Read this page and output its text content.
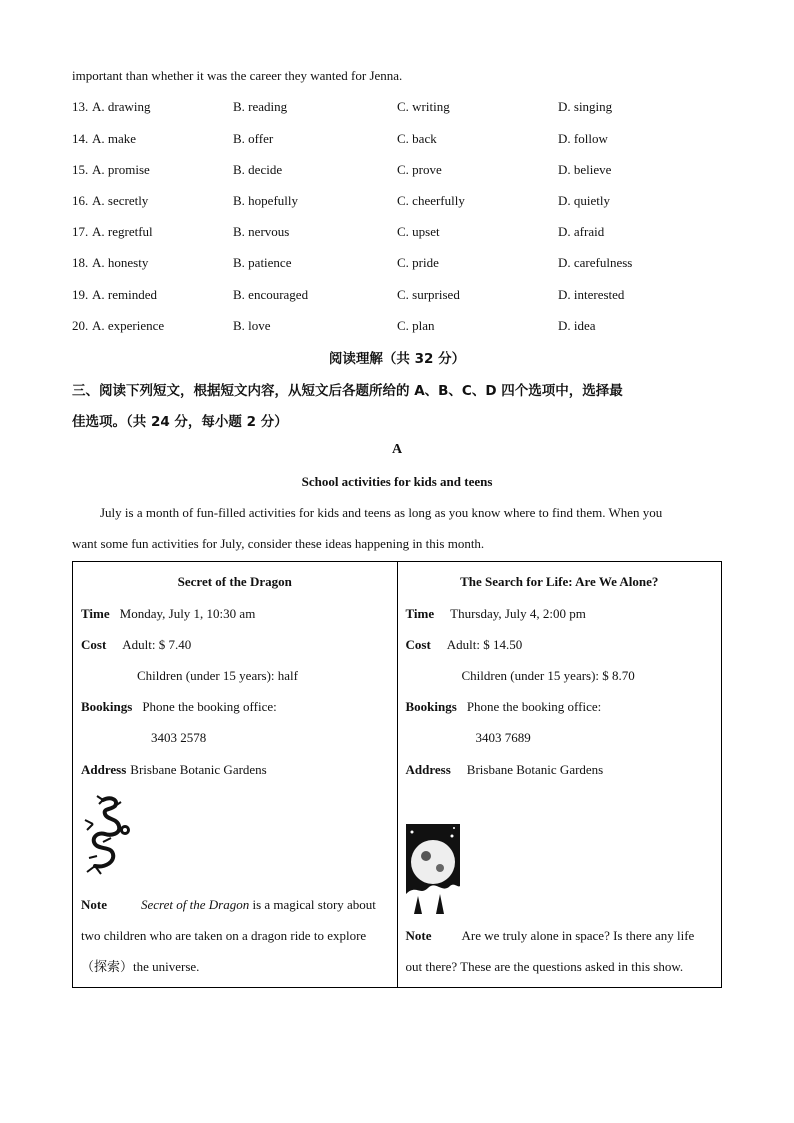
important than whether it was the career they wanted for Jenna.
13. A. drawing	B. reading	C. writing	D. singing
14. A. make	B. offer	C. back	D. follow
15. A. promise	B. decide	C. prove	D. believe
16. A. secretly	B. hopefully	C. cheerfully	D. quietly
17. A. regretful	B. nervous	C. upset	D. afraid
18. A. honesty	B. patience	C. pride	D. carefulness
19. A. reminded	B. encouraged	C. surprised	D. interested
20. A. experience	B. love	C. plan	D. idea
阅读理解（共 32 分）
三、阅读下列短文，根据短文内容，从短文后各题所给的 A、B、C、D 四个选项中，选择最
佳选项。（共 24 分，每小题 2 分）
A
School activities for kids and teens
July is a month of fun-filled activities for kids and teens as long as you know where to find them. When you
want some fun activities for July, consider these ideas happening in this month.
Secret of the Dragon
Time Monday, July 1, 10:30 am
Cost Adult: $ 7.40
Children (under 15 years): half
Bookings Phone the booking office:
3403 2578
Address Brisbane Botanic Gardens
Note	Secret of the Dragon is a magical story about
two children who are taken on a dragon ride to explore
（探索）the universe.

The Search for Life: Are We Alone?
Time Thursday, July 4, 2:00 pm
Cost Adult: $ 14.50
Children (under 15 years): $ 8.70
Bookings Phone the booking office:
3403 7689
Address Brisbane Botanic Gardens
Note Are we truly alone in space? Is there any life
out there? These are the questions asked in this show.
